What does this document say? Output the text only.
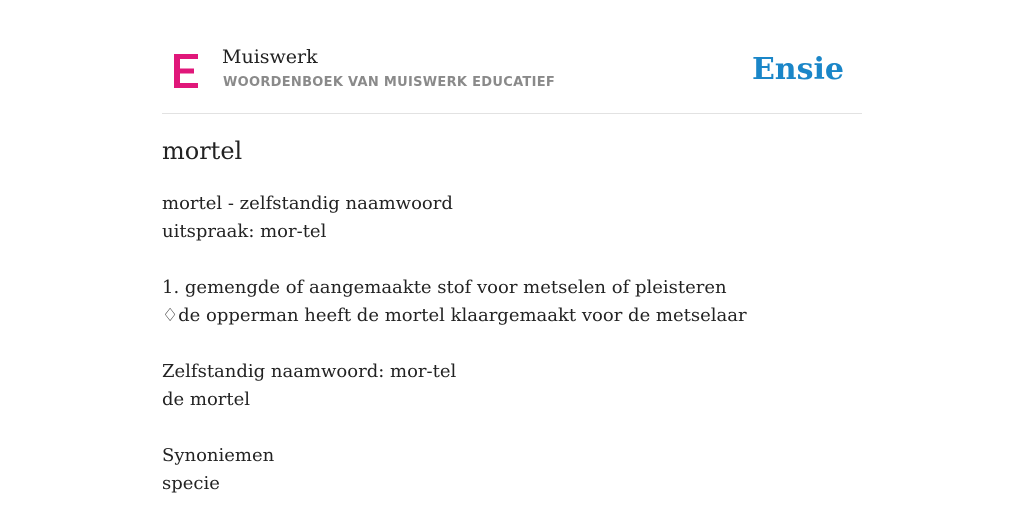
Muiswerk
WOORDENBOEK VAN MUISWERK EDUCATIEF	Ensie
mortel
mortel - zelfstandig naamwoord
uitspraak: mor-tel
1. gemengde of aangemaakte stof voor metselen of pleisteren
♢de opperman heeft de mortel klaargemaakt voor de metselaar
Zelfstandig naamwoord: mor-tel
de mortel
Synoniemen
specie
